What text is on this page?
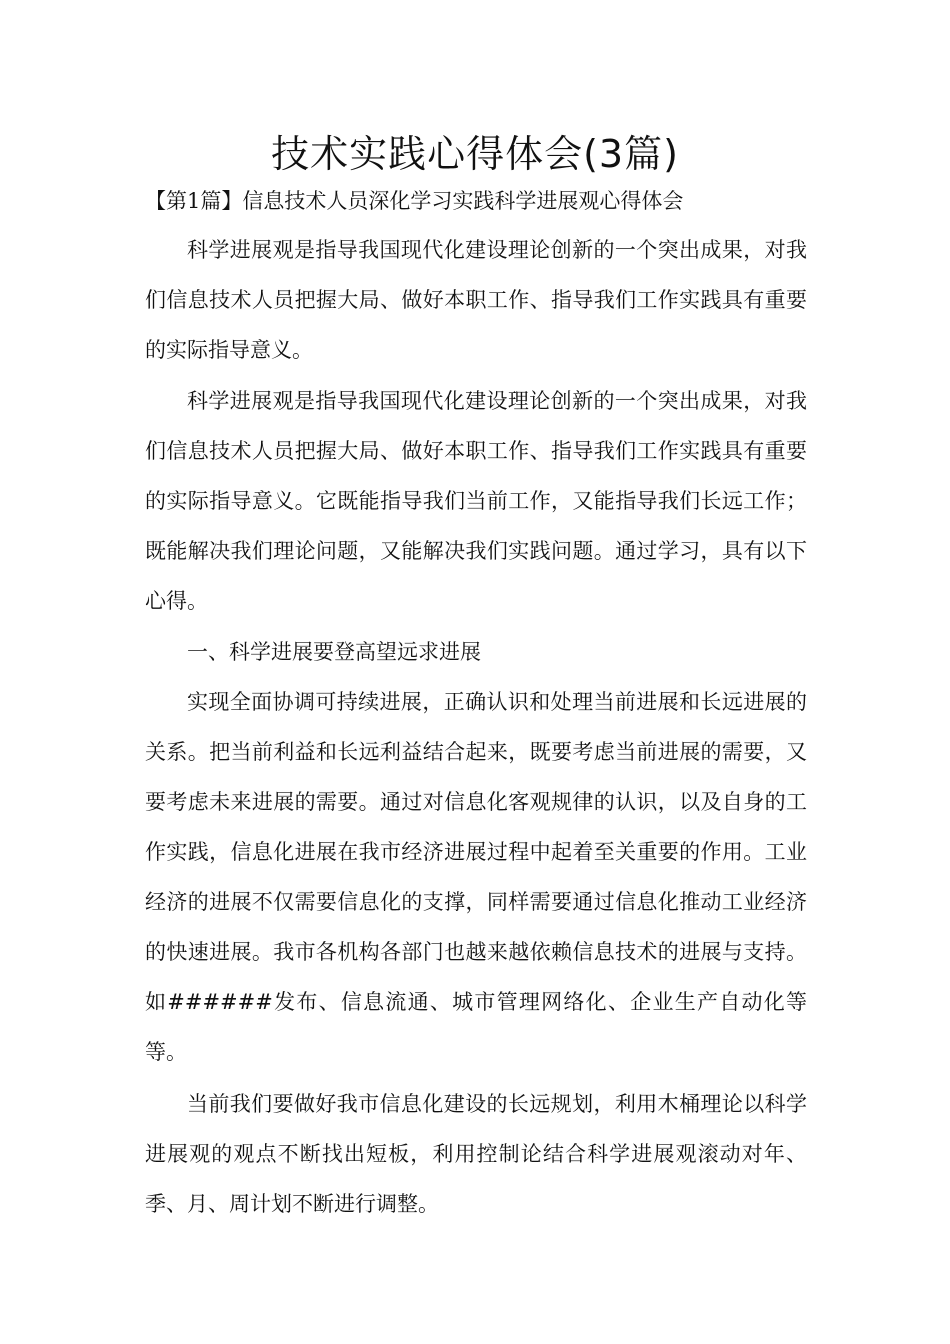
技术实践心得体会(3篇)

【第1篇】信息技术人员深化学习实践科学进展观心得体会

科学进展观是指导我国现代化建设理论创新的一个突出成果，对我们信息技术人员把握大局、做好本职工作、指导我们工作实践具有重要的实际指导意义。

科学进展观是指导我国现代化建设理论创新的一个突出成果，对我们信息技术人员把握大局、做好本职工作、指导我们工作实践具有重要的实际指导意义。它既能指导我们当前工作，又能指导我们长远工作；既能解决我们理论问题，又能解决我们实践问题。通过学习，具有以下心得。

一、科学进展要登高望远求进展

实现全面协调可持续进展，正确认识和处理当前进展和长远进展的关系。把当前利益和长远利益结合起来，既要考虑当前进展的需要，又要考虑未来进展的需要。通过对信息化客观规律的认识，以及自身的工作实践，信息化进展在我市经济进展过程中起着至关重要的作用。工业经济的进展不仅需要信息化的支撑，同样需要通过信息化推动工业经济的快速进展。我市各机构各部门也越来越依赖信息技术的进展与支持。如######发布、信息流通、城市管理网络化、企业生产自动化等等。

当前我们要做好我市信息化建设的长远规划，利用木桶理论以科学进展观的观点不断找出短板，利用控制论结合科学进展观滚动对年、季、月、周计划不断进行调整。
